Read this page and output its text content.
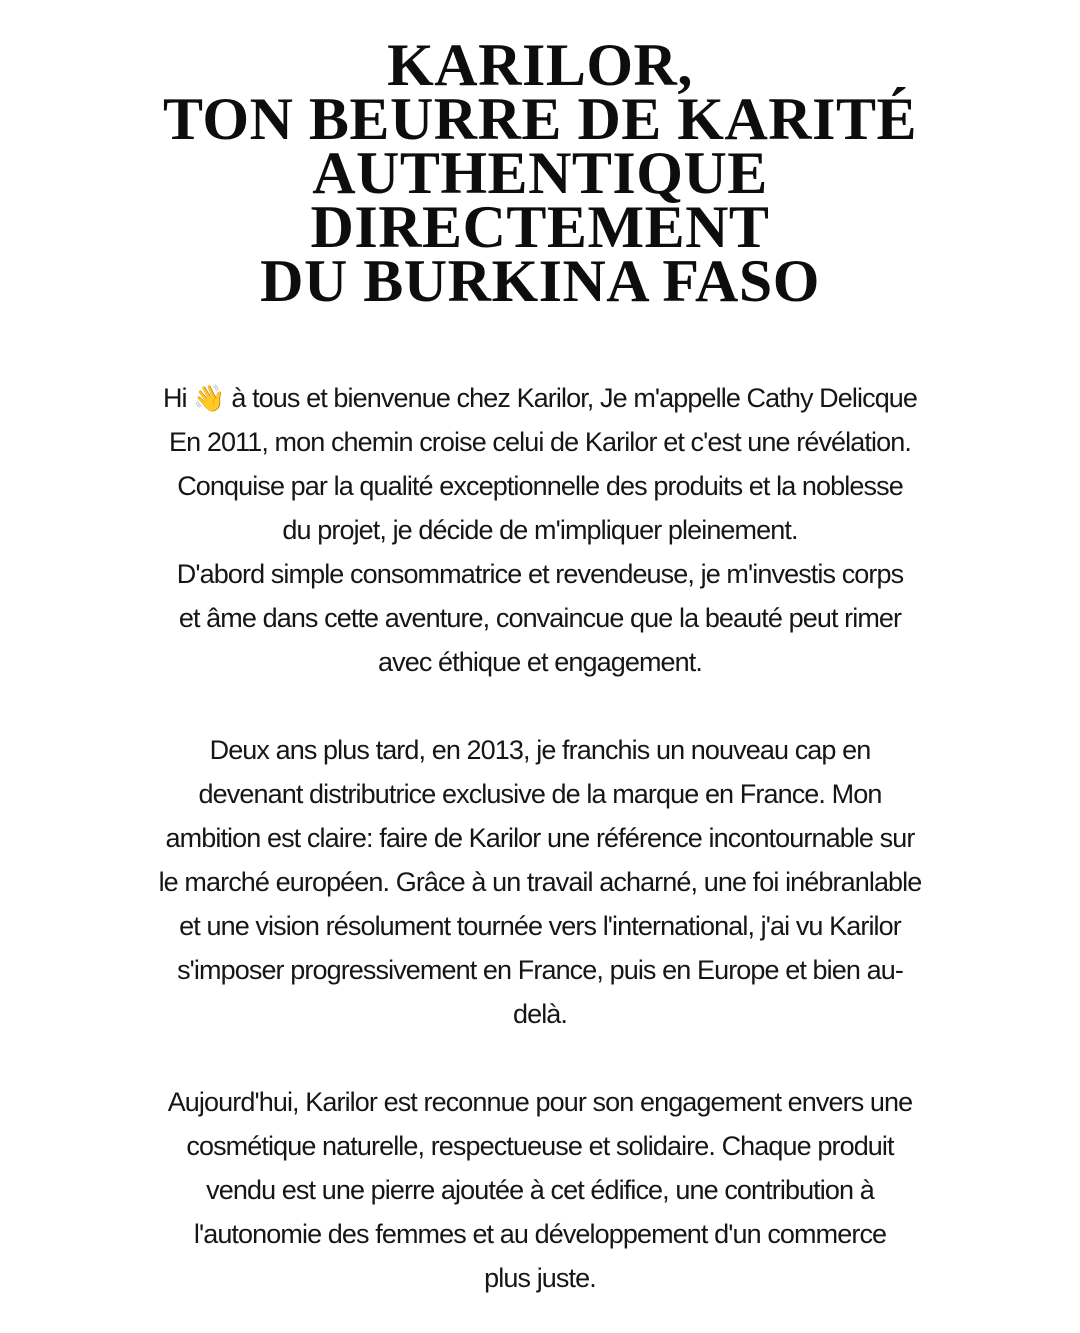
KARILOR,
TON BEURRE DE KARITÉ
AUTHENTIQUE
DIRECTEMENT
DU BURKINA FASO

Hi 👋 à tous et bienvenue chez Karilor, Je m'appelle Cathy Delicque
En 2011, mon chemin croise celui de Karilor et c'est une révélation.
Conquise par la qualité exceptionnelle des produits et la noblesse
du projet, je décide de m'impliquer pleinement.
D'abord simple consommatrice et revendeuse, je m'investis corps
et âme dans cette aventure, convaincue que la beauté peut rimer
avec éthique et engagement.

Deux ans plus tard, en 2013, je franchis un nouveau cap en
devenant distributrice exclusive de la marque en France. Mon
ambition est claire: faire de Karilor une référence incontournable sur
le marché européen. Grâce à un travail acharné, une foi inébranlable
et une vision résolument tournée vers l'international, j'ai vu Karilor
s'imposer progressivement en France, puis en Europe et bien au-
delà.

Aujourd'hui, Karilor est reconnue pour son engagement envers une
cosmétique naturelle, respectueuse et solidaire. Chaque produit
vendu est une pierre ajoutée à cet édifice, une contribution à
l'autonomie des femmes et au développement d'un commerce
plus juste.
